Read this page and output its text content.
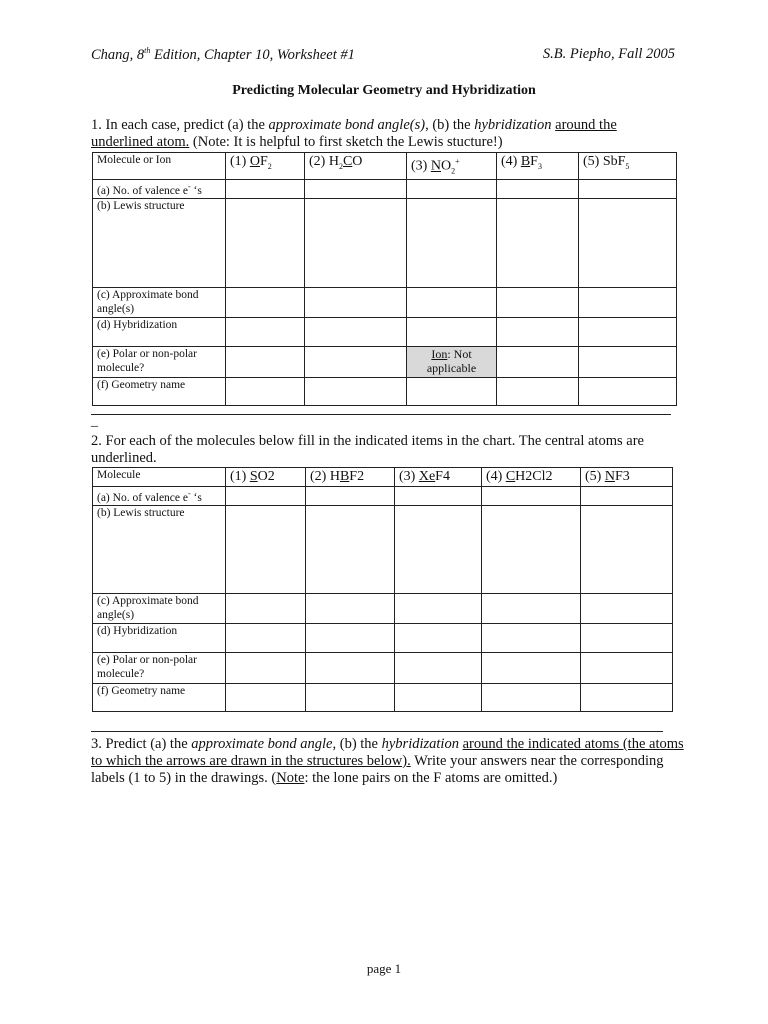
Chang, 8th Edition, Chapter 10, Worksheet #1	S.B. Piepho, Fall 2005
Predicting Molecular Geometry and Hybridization
1. In each case, predict (a) the approximate bond angle(s), (b) the hybridization around the
underlined atom. (Note: It is helpful to first sketch the Lewis stucture!)
Molecule or Ion	(1) $OF_2$	(2) $H_2CO$	(3) $NO_2^+$	(4) $BF_3$	(5) SbF$_5$
(a) No. of valence e- ‘s					
(b) Lewis structure					
(c) Approximate bond angle(s)					
(d) Hybridization					
(e) Polar or non-polar molecule?			Ion: Not applicable		
(f) Geometry name					
_
2. For each of the molecules below fill in the indicated items in the chart. The central atoms are underlined.
Molecule	(1) SO2	(2) HBF2	(3) XeF4	(4) CH2Cl2	(5) NF3
(a) No. of valence e- ‘s					
(b) Lewis structure					
(c) Approximate bond angle(s)					
(d) Hybridization					
(e) Polar or non-polar molecule?					
(f) Geometry name					
3. Predict (a) the approximate bond angle, (b) the hybridization around the indicated atoms (the atoms to which the arrows are drawn in the structures below). Write your answers near the corresponding labels (1 to 5) in the drawings. (Note: the lone pairs on the F atoms are omitted.)
page 1
